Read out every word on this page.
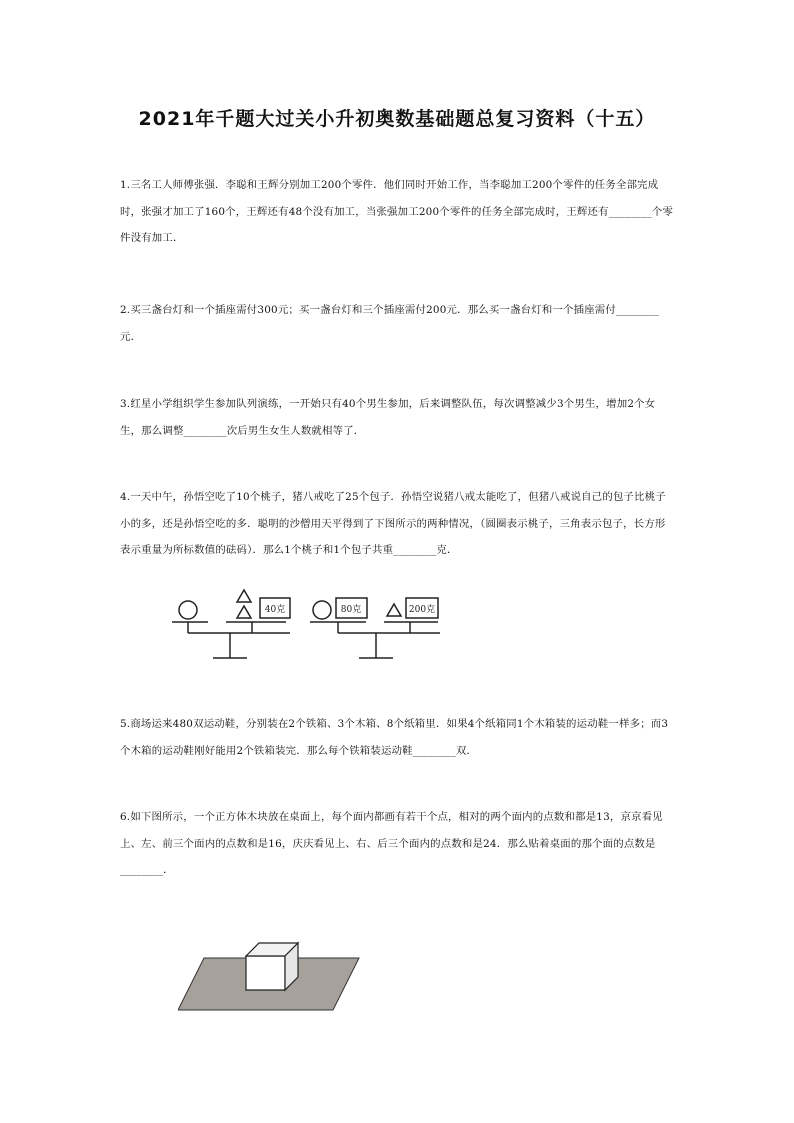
2021年千题大过关小升初奥数基础题总复习资料（十五）

1.三名工人师傅张强．李聪和王辉分别加工200个零件．他们同时开始工作，当李聪加工200个零件的任务全部完成时，张强才加工了160个，王辉还有48个没有加工，当张强加工200个零件的任务全部完成时，王辉还有________个零件没有加工．

2.买三盏台灯和一个插座需付300元；买一盏台灯和三个插座需付200元．那么买一盏台灯和一个插座需付________元．

3.红星小学组织学生参加队列演练，一开始只有40个男生参加，后来调整队伍，每次调整减少3个男生，增加2个女生，那么调整________次后男生女生人数就相等了．

4.一天中午，孙悟空吃了10个桃子，猪八戒吃了25个包子．孙悟空说猪八戒太能吃了，但猪八戒说自己的包子比桃子小的多，还是孙悟空吃的多．聪明的沙僧用天平得到了下图所示的两种情况，（圆圈表示桃子，三角表示包子，长方形表示重量为所标数值的砝码）．那么1个桃子和1个包子共重________克．

40克	80克	200克

5.商场运来480双运动鞋，分别装在2个铁箱、3个木箱、8个纸箱里．如果4个纸箱同1个木箱装的运动鞋一样多；而3个木箱的运动鞋刚好能用2个铁箱装完．那么每个铁箱装运动鞋________双．

6.如下图所示，一个正方体木块放在桌面上，每个面内都画有若干个点，相对的两个面内的点数和都是13，京京看见上、左、前三个面内的点数和是16，庆庆看见上、右、后三个面内的点数和是24．那么贴着桌面的那个面的点数是________．
